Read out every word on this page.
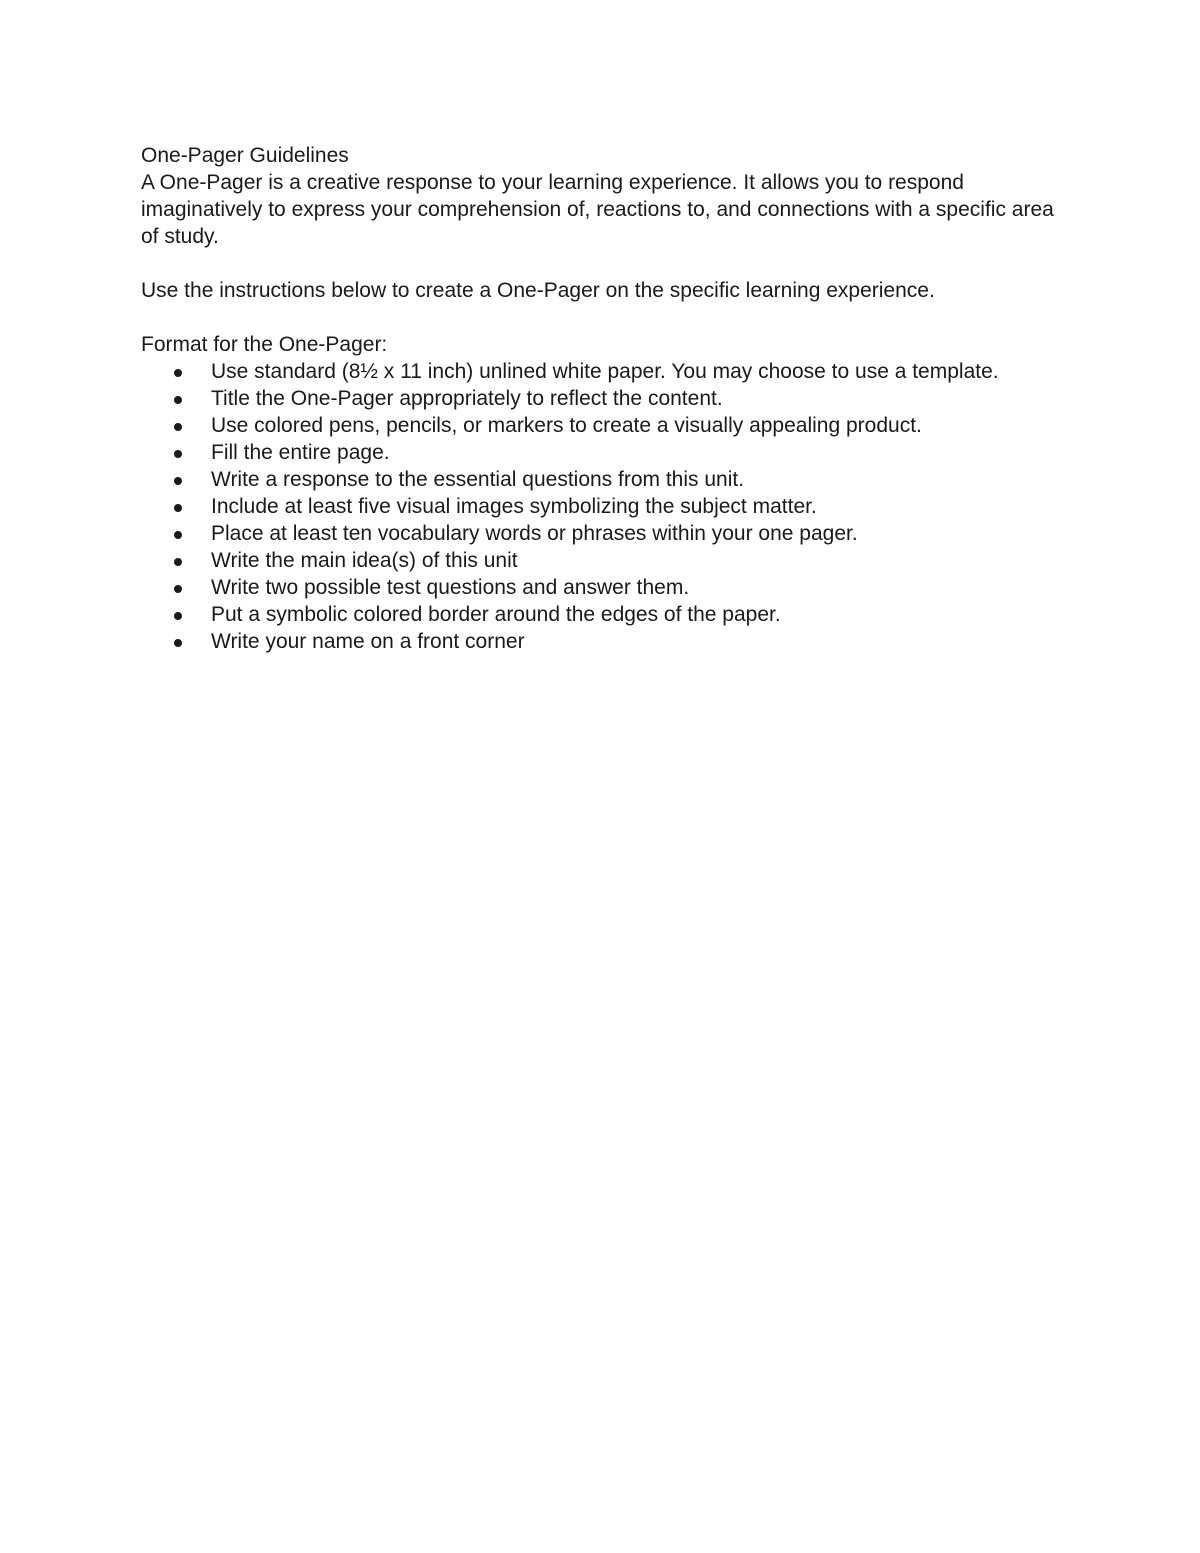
One-Pager Guidelines

A One-Pager is a creative response to your learning experience. It allows you to respond imaginatively to express your comprehension of, reactions to, and connections with a specific area of study.

Use the instructions below to create a One-Pager on the specific learning experience.

Format for the One-Pager:

Use standard (8½ x 11 inch) unlined white paper. You may choose to use a template.
Title the One-Pager appropriately to reflect the content.
Use colored pens, pencils, or markers to create a visually appealing product.
Fill the entire page.
Write a response to the essential questions from this unit.
Include at least five visual images symbolizing the subject matter.
Place at least ten vocabulary words or phrases within your one pager.
Write the main idea(s) of this unit
Write two possible test questions and answer them.
Put a symbolic colored border around the edges of the paper.
Write your name on a front corner
